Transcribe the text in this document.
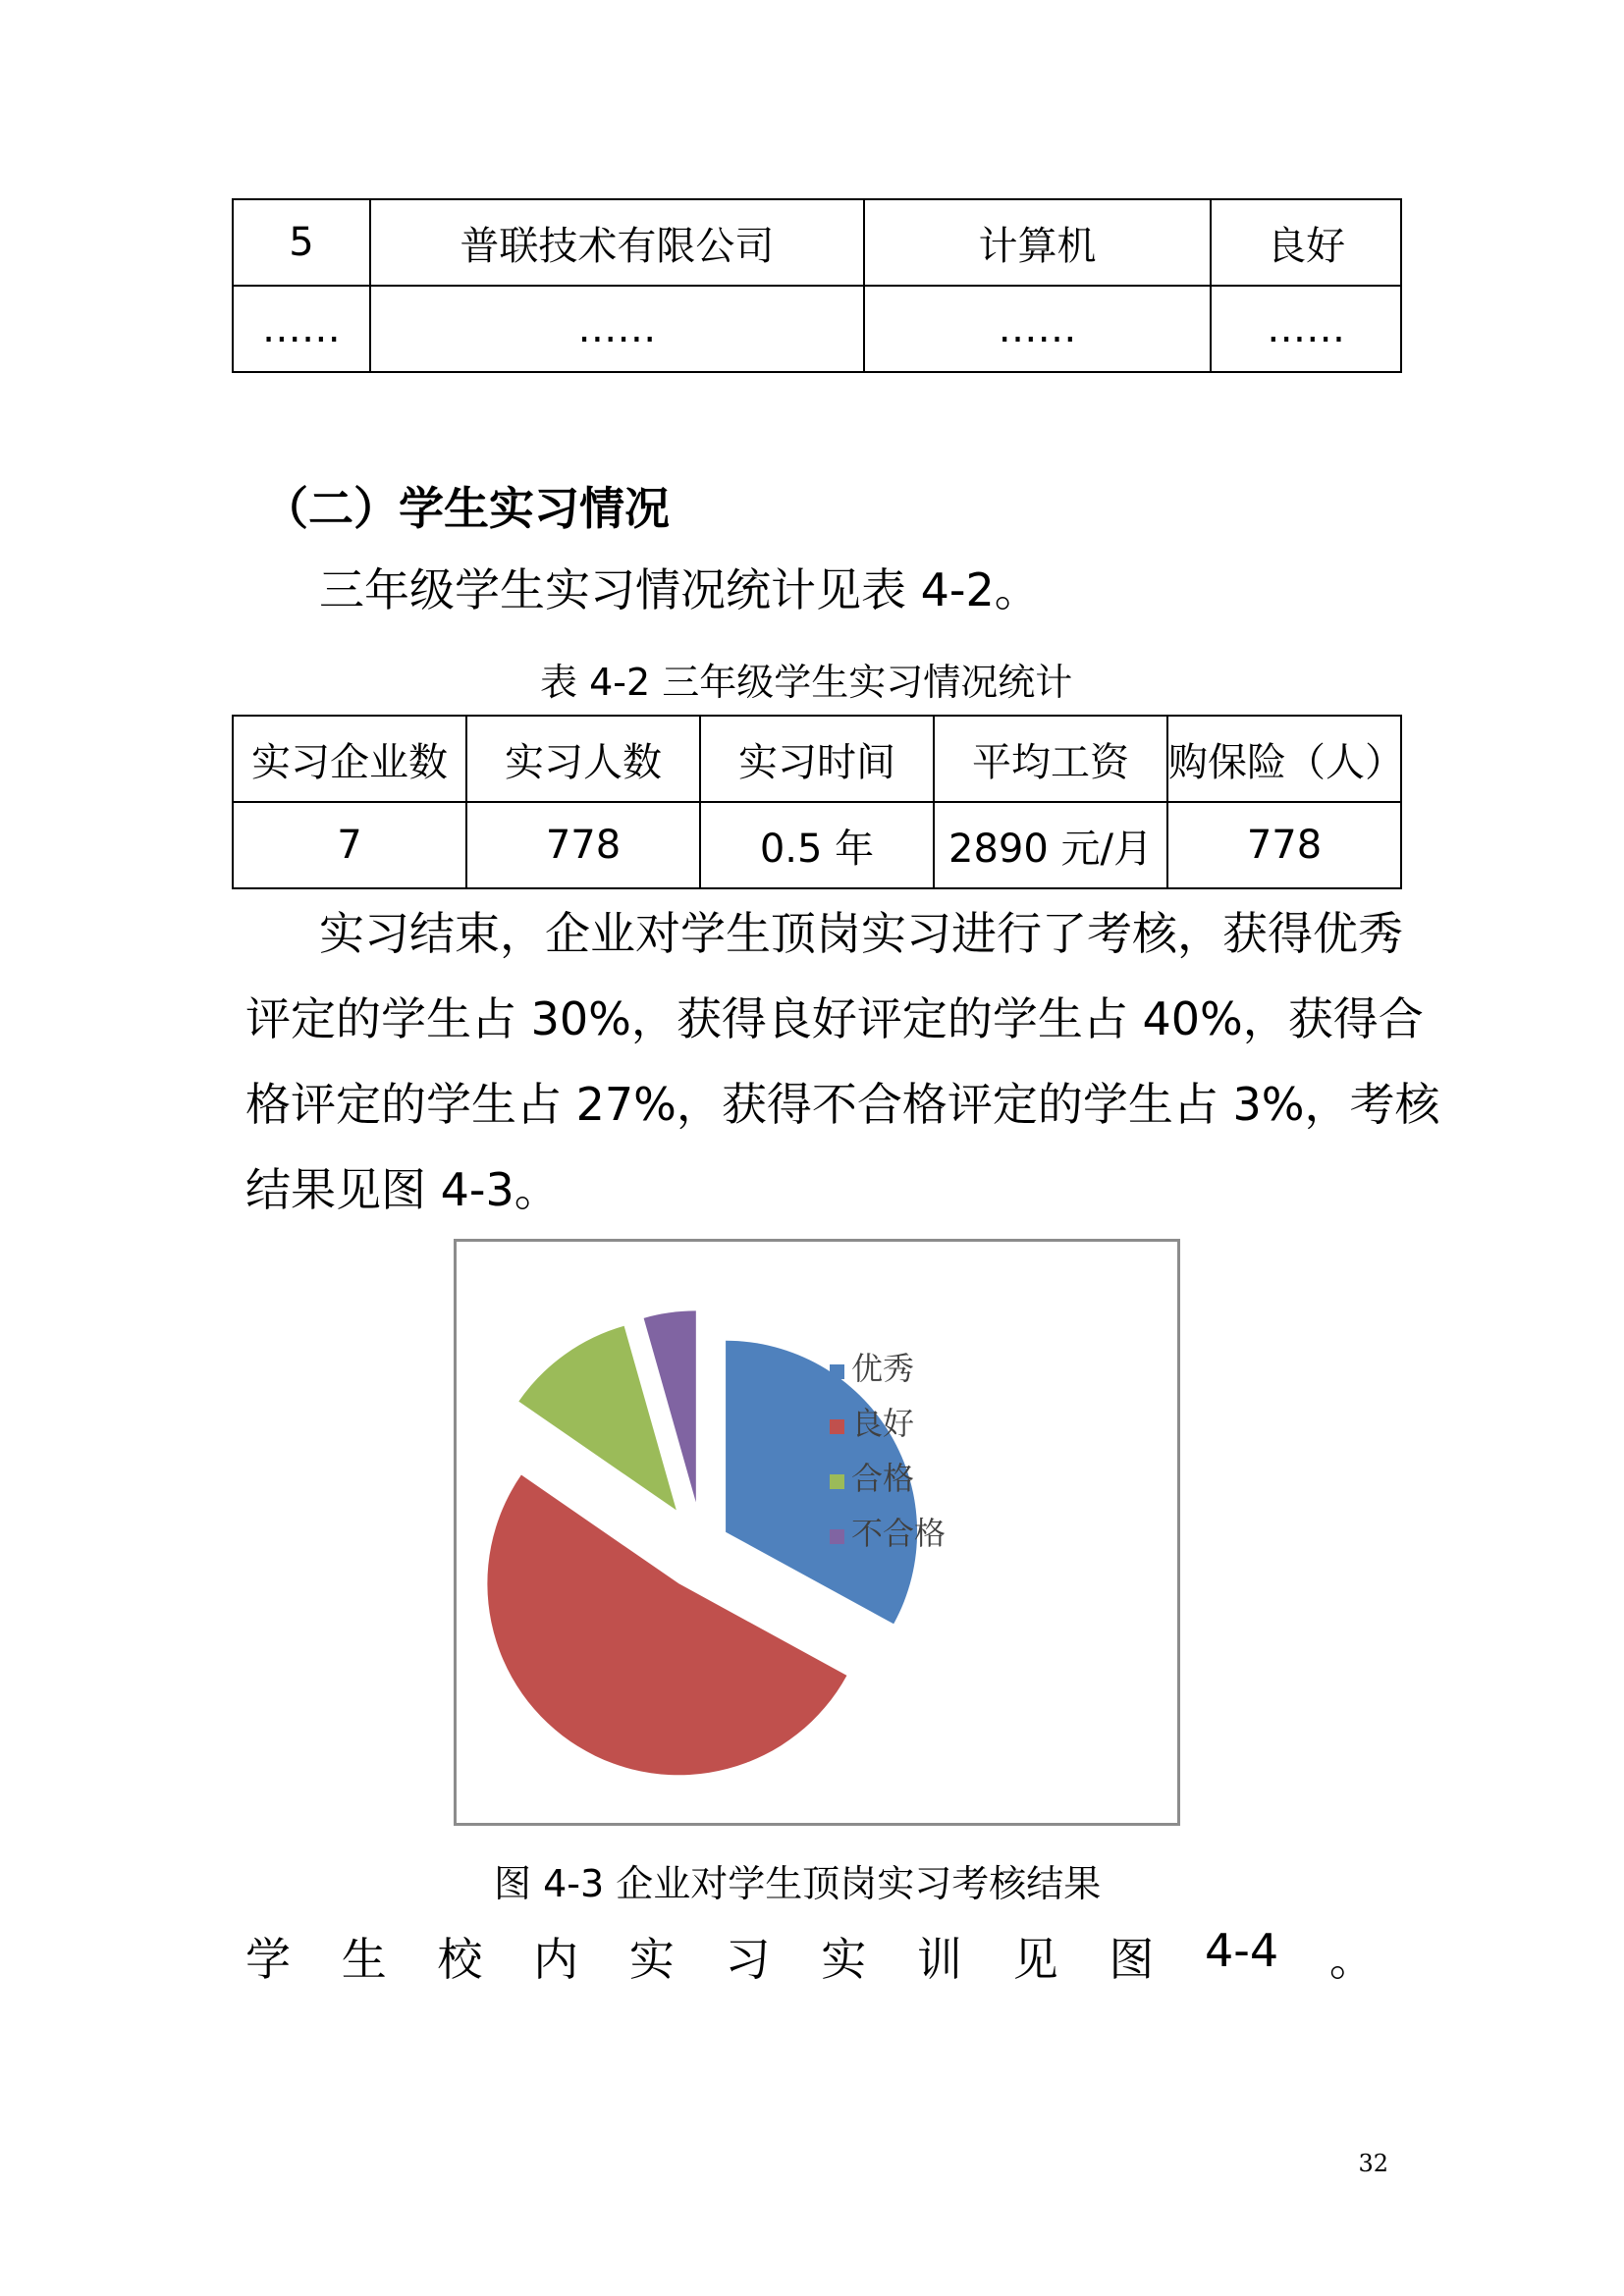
5	普联技术有限公司	计算机	良好
……	……	……	……
（二）学生实习情况
三年级学生实习情况统计见表 4-2。
表 4-2 三年级学生实习情况统计
实习企业数	实习人数	实习时间	平均工资	购保险（人）
7	778	0.5 年	2890 元/月	778
实习结束，企业对学生顶岗实习进行了考核，获得优秀
评定的学生占 30%，获得良好评定的学生占 40%，获得合
格评定的学生占 27%，获得不合格评定的学生占 3%，考核
结果见图 4-3。
优秀
良好
合格
不合格
图 4-3 企业对学生顶岗实习考核结果
学 生 校 内 实 习 实 训 见 图 4-4 。
32
